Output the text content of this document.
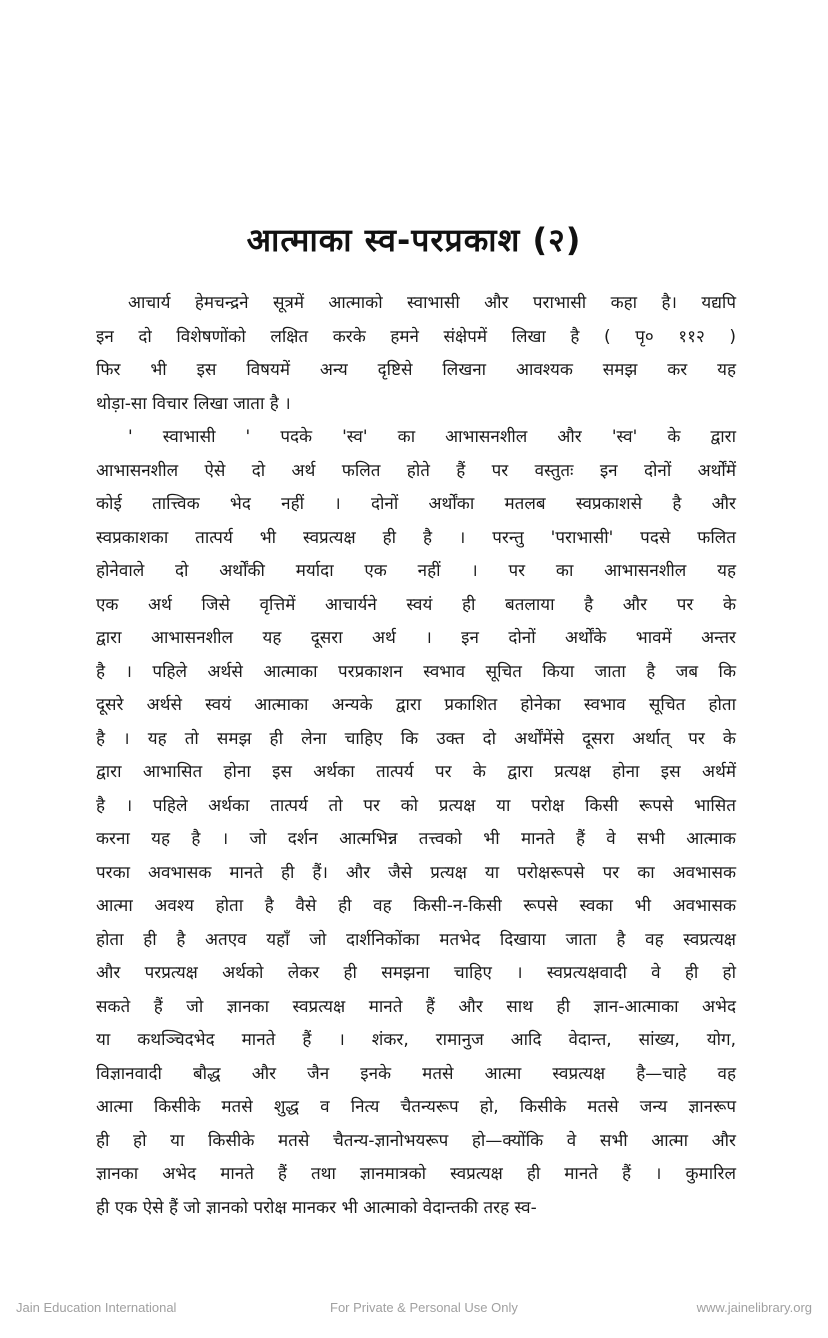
आत्माका स्व-परप्रकाश (२)
आचार्य हेमचन्द्रने सूत्रमें आत्माको स्वाभासी और पराभासी कहा है। यद्यपि
इन दो विशेषणोंको लक्षित करके हमने संक्षेपमें लिखा है ( पृ० ११२ )
फिर भी इस विषयमें अन्य दृष्टिसे लिखना आवश्यक समझ कर यह
थोड़ा-सा विचार लिखा जाता है ।
' स्वाभासी ' पदके 'स्व' का आभासनशील और 'स्व' के द्वारा
आभासनशील ऐसे दो अर्थ फलित होते हैं पर वस्तुतः इन दोनों अर्थोंमें
कोई तात्त्विक भेद नहीं । दोनों अर्थोंका मतलब स्वप्रकाशसे है और
स्वप्रकाशका तात्पर्य भी स्वप्रत्यक्ष ही है । परन्तु 'पराभासी' पदसे फलित
होनेवाले दो अर्थोंकी मर्यादा एक नहीं । पर का आभासनशील यह
एक अर्थ जिसे वृत्तिमें आचार्यने स्वयं ही बतलाया है और पर के
द्वारा आभासनशील यह दूसरा अर्थ । इन दोनों अर्थोंके भावमें अन्तर
है । पहिले अर्थसे आत्माका परप्रकाशन स्वभाव सूचित किया जाता है जब कि
दूसरे अर्थसे स्वयं आत्माका अन्यके द्वारा प्रकाशित होनेका स्वभाव सूचित होता
है । यह तो समझ ही लेना चाहिए कि उक्त दो अर्थोंमेंसे दूसरा अर्थात् पर के
द्वारा आभासित होना इस अर्थका तात्पर्य पर के द्वारा प्रत्यक्ष होना इस अर्थमें
है । पहिले अर्थका तात्पर्य तो पर को प्रत्यक्ष या परोक्ष किसी रूपसे भासित
करना यह है । जो दर्शन आत्मभिन्न तत्त्वको भी मानते हैं वे सभी आत्माक
परका अवभासक मानते ही हैं। और जैसे प्रत्यक्ष या परोक्षरूपसे पर का अवभासक
आत्मा अवश्य होता है वैसे ही वह किसी-न-किसी रूपसे स्वका भी अवभासक
होता ही है अतएव यहाँ जो दार्शनिकोंका मतभेद दिखाया जाता है वह स्वप्रत्यक्ष
और परप्रत्यक्ष अर्थको लेकर ही समझना चाहिए । स्वप्रत्यक्षवादी वे ही हो
सकते हैं जो ज्ञानका स्वप्रत्यक्ष मानते हैं और साथ ही ज्ञान-आत्माका अभेद
या कथञ्चिदभेद मानते हैं । शंकर, रामानुज आदि वेदान्त, सांख्य, योग,
विज्ञानवादी बौद्ध और जैन इनके मतसे आत्मा स्वप्रत्यक्ष है—चाहे वह
आत्मा किसीके मतसे शुद्ध व नित्य चैतन्यरूप हो, किसीके मतसे जन्य ज्ञानरूप
ही हो या किसीके मतसे चैतन्य-ज्ञानोभयरूप हो—क्योंकि वे सभी आत्मा और
ज्ञानका अभेद मानते हैं तथा ज्ञानमात्रको स्वप्रत्यक्ष ही मानते हैं । कुमारिल
ही एक ऐसे हैं जो ज्ञानको परोक्ष मानकर भी आत्माको वेदान्तकी तरह स्व-
Jain Education International	For Private & Personal Use Only	www.jainelibrary.org
